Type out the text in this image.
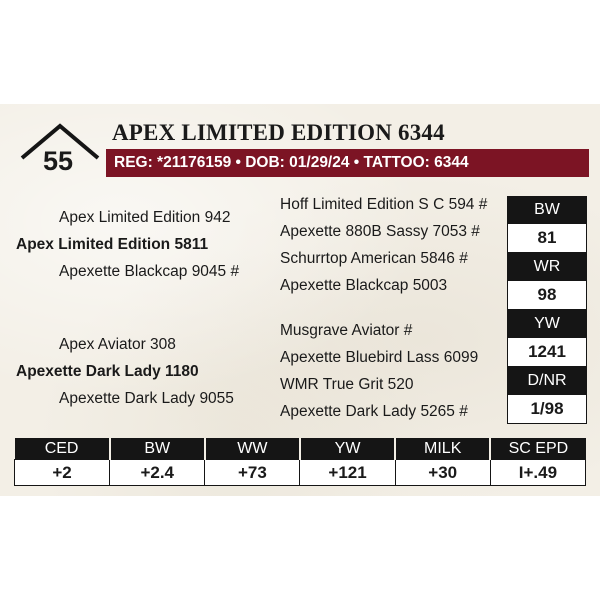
55
APEX LIMITED EDITION 6344
REG: *21176159 • DOB: 01/29/24 • TATTOO: 6344
Apex Limited Edition 942
Apex Limited Edition 5811
Apexette Blackcap 9045 #
Hoff Limited Edition S C 594 #
Apexette 880B Sassy 7053 #
Schurrtop American 5846 #
Apexette Blackcap 5003
Apex Aviator 308
Apexette Dark Lady 1180
Apexette Dark Lady 9055
Musgrave Aviator #
Apexette Bluebird Lass 6099
WMR True Grit 520
Apexette Dark Lady 5265 #
BW
81
WR
98
YW
1241
D/NR
1/98
CED	BW	WW	YW	MILK	SC EPD
+2	+2.4	+73	+121	+30	I+.49
